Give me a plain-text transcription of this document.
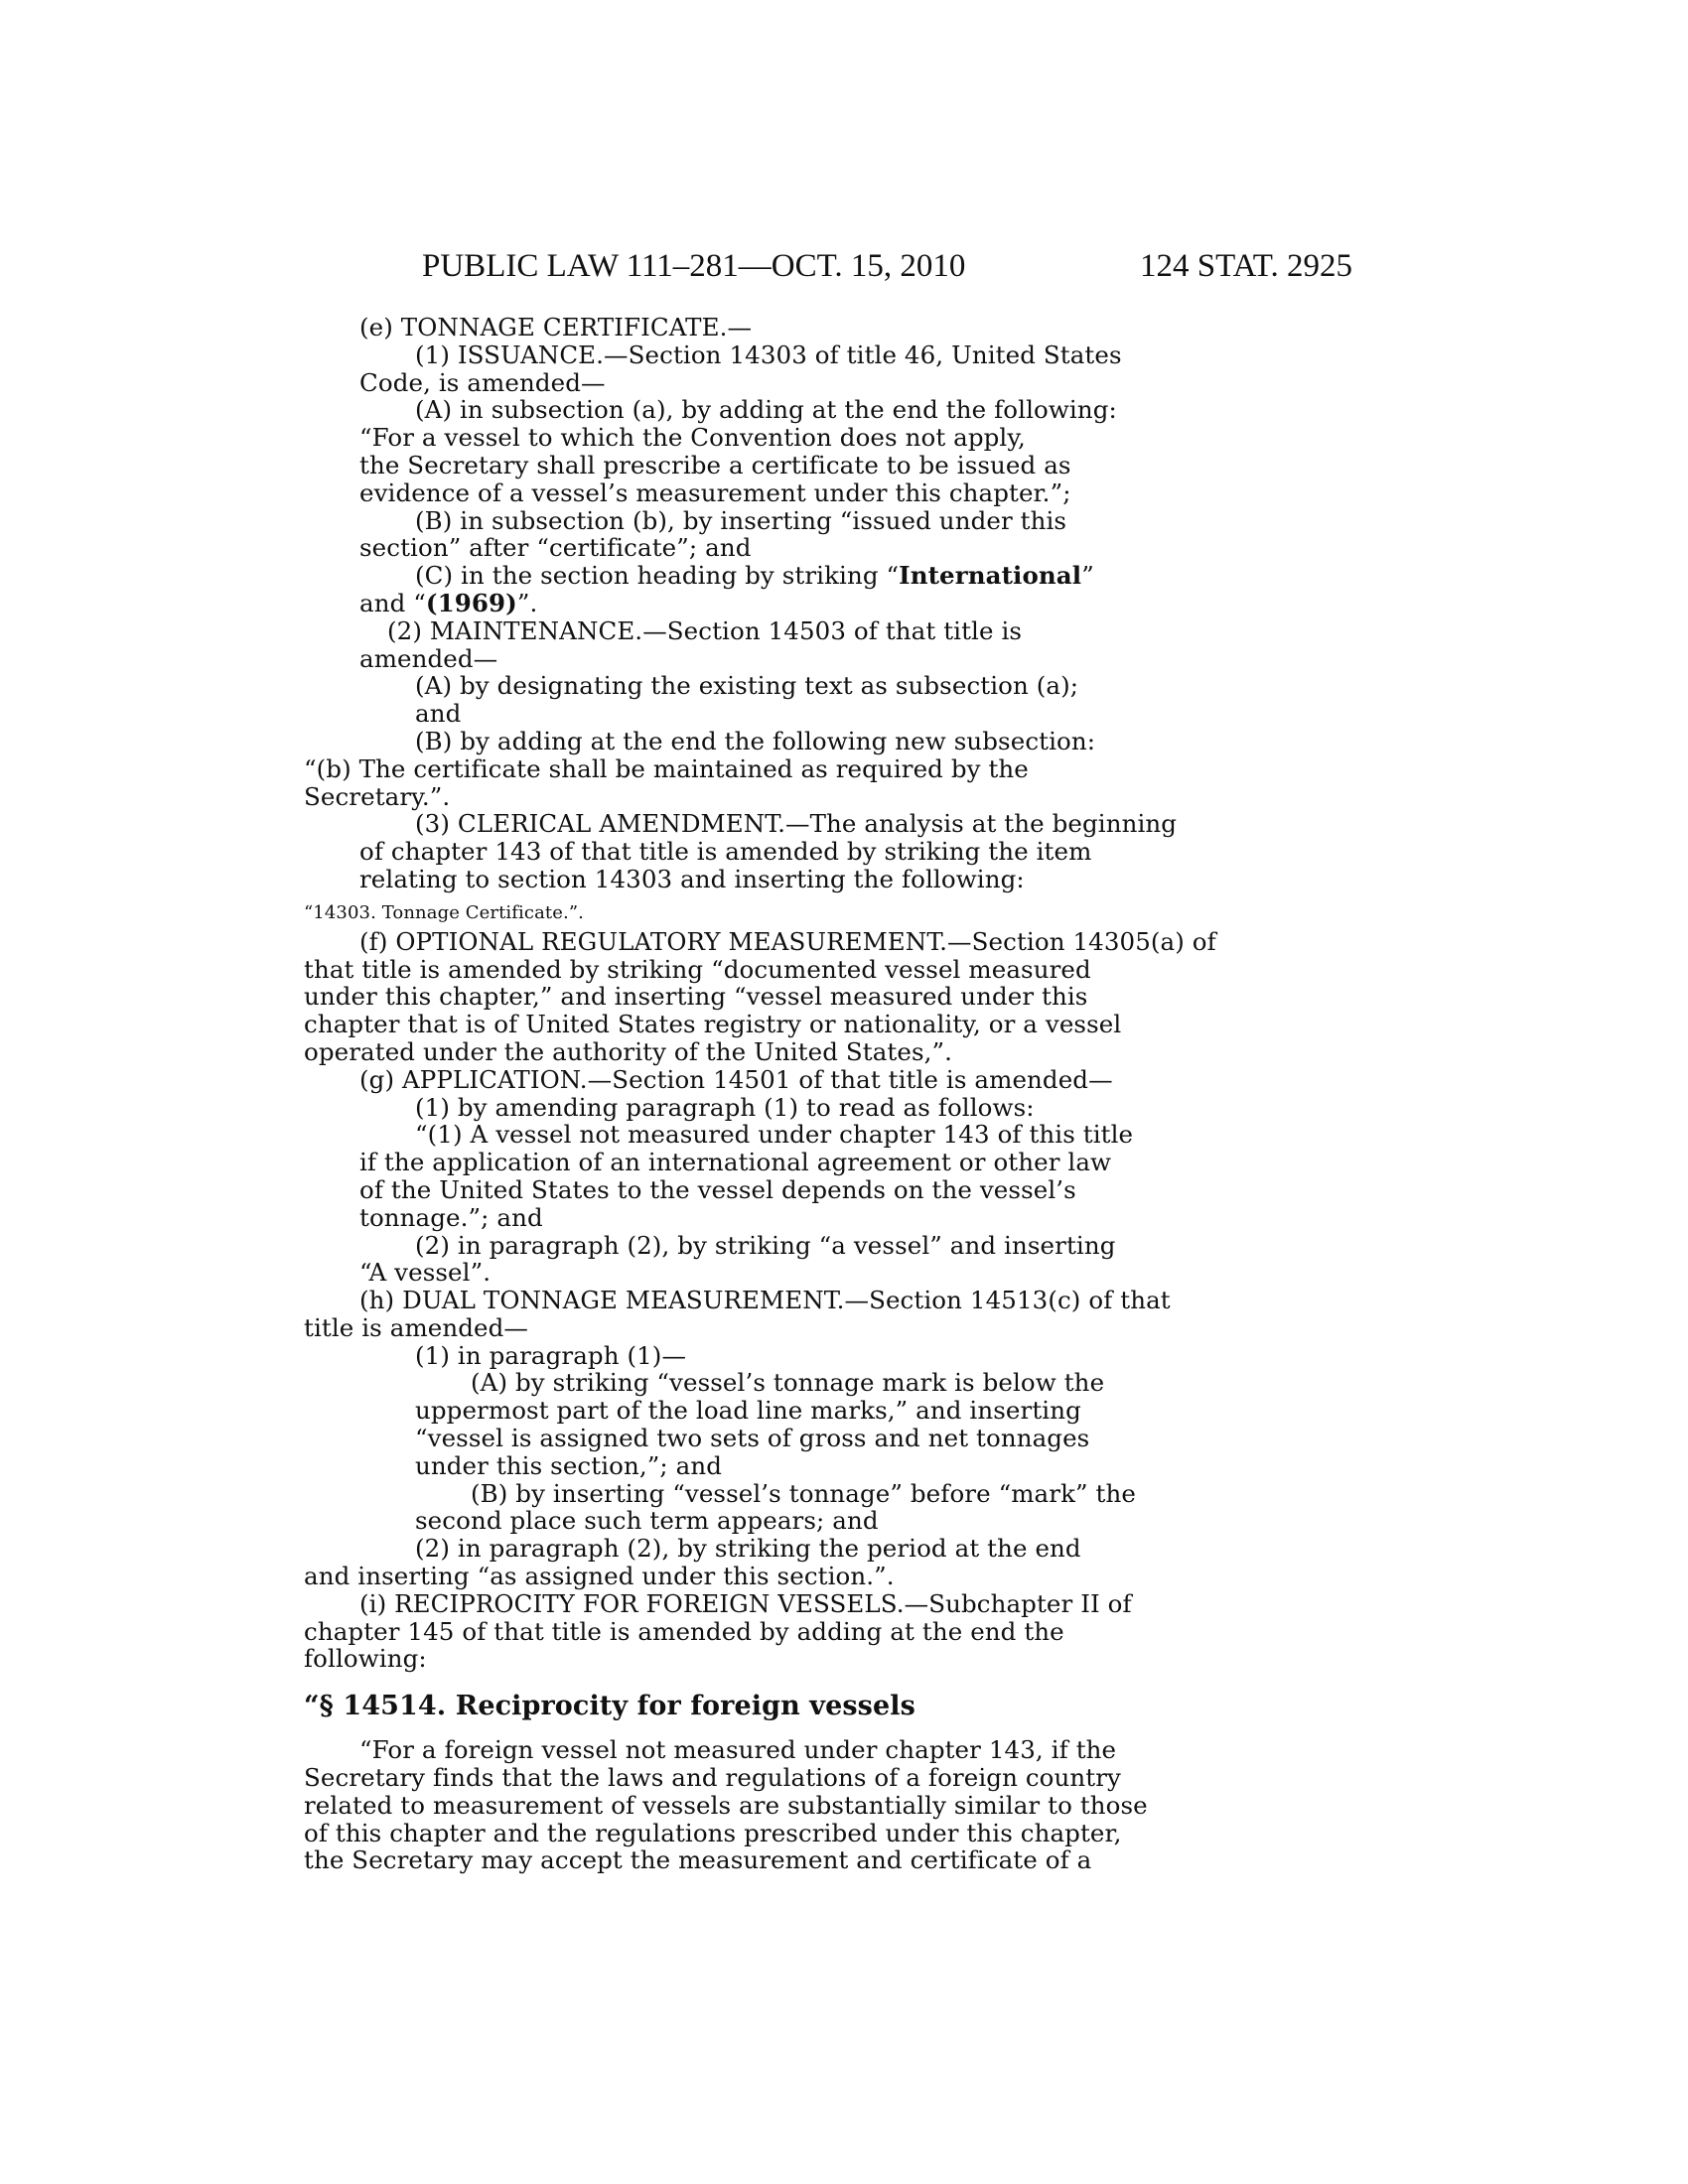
PUBLIC LAW 111–281—OCT. 15, 2010	124 STAT. 2925
(e) TONNAGE CERTIFICATE.—
(1) ISSUANCE.—Section 14303 of title 46, United States
Code, is amended—
(A) in subsection (a), by adding at the end the following:
“For a vessel to which the Convention does not apply,
the Secretary shall prescribe a certificate to be issued as
evidence of a vessel’s measurement under this chapter.”;
(B) in subsection (b), by inserting “issued under this
section” after “certificate”; and
(C) in the section heading by striking “International”
and “(1969)”.
(2) MAINTENANCE.—Section 14503 of that title is
amended—
(A) by designating the existing text as subsection (a);
and
(B) by adding at the end the following new subsection:
“(b) The certificate shall be maintained as required by the
Secretary.”.
(3) CLERICAL AMENDMENT.—The analysis at the beginning
of chapter 143 of that title is amended by striking the item
relating to section 14303 and inserting the following:
“14303. Tonnage Certificate.”.
(f) OPTIONAL REGULATORY MEASUREMENT.—Section 14305(a) of
that title is amended by striking “documented vessel measured
under this chapter,” and inserting “vessel measured under this
chapter that is of United States registry or nationality, or a vessel
operated under the authority of the United States,”.
(g) APPLICATION.—Section 14501 of that title is amended—
(1) by amending paragraph (1) to read as follows:
“(1) A vessel not measured under chapter 143 of this title
if the application of an international agreement or other law
of the United States to the vessel depends on the vessel’s
tonnage.”; and
(2) in paragraph (2), by striking “a vessel” and inserting
“A vessel”.
(h) DUAL TONNAGE MEASUREMENT.—Section 14513(c) of that
title is amended—
(1) in paragraph (1)—
(A) by striking “vessel’s tonnage mark is below the
uppermost part of the load line marks,” and inserting
“vessel is assigned two sets of gross and net tonnages
under this section,”; and
(B) by inserting “vessel’s tonnage” before “mark” the
second place such term appears; and
(2) in paragraph (2), by striking the period at the end
and inserting “as assigned under this section.”.
(i) RECIPROCITY FOR FOREIGN VESSELS.—Subchapter II of
chapter 145 of that title is amended by adding at the end the
following:
“§ 14514. Reciprocity for foreign vessels
“For a foreign vessel not measured under chapter 143, if the
Secretary finds that the laws and regulations of a foreign country
related to measurement of vessels are substantially similar to those
of this chapter and the regulations prescribed under this chapter,
the Secretary may accept the measurement and certificate of a
